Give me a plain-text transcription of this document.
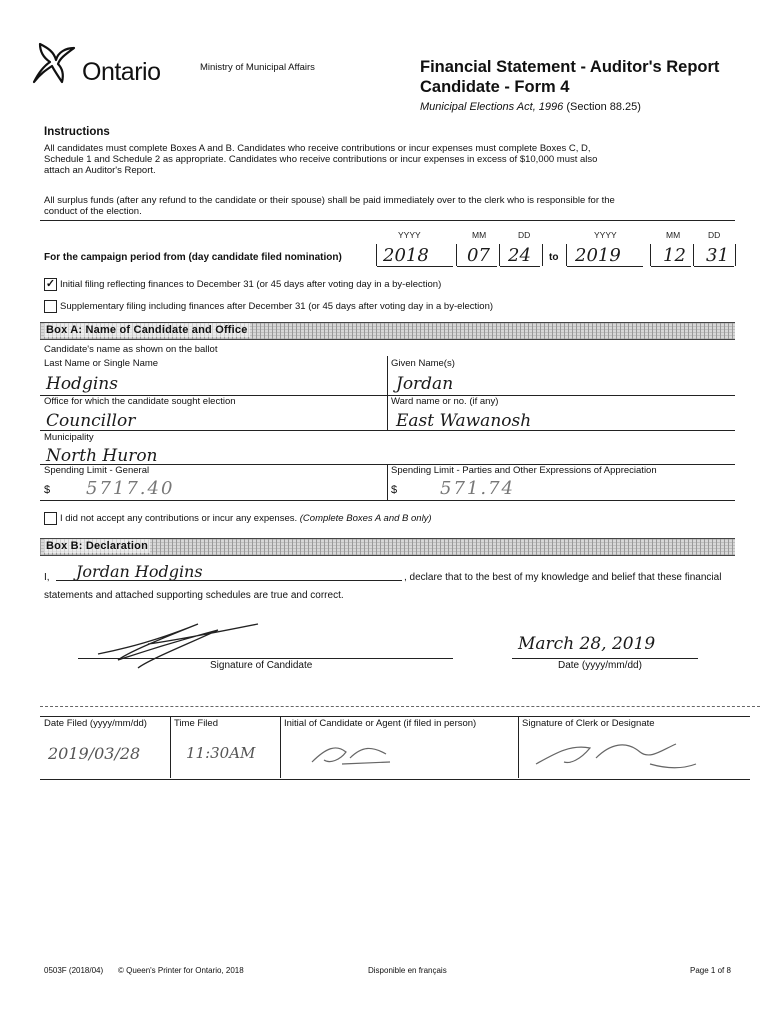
Ontario	Ministry of Municipal Affairs	Financial Statement - Auditor's Report
Candidate - Form 4
Municipal Elections Act, 1996 (Section 88.25)
Instructions
All candidates must complete Boxes A and B. Candidates who receive contributions or incur expenses must complete Boxes C, D,
Schedule 1 and Schedule 2 as appropriate. Candidates who receive contributions or incur expenses in excess of $10,000 must also
attach an Auditor's Report.
All surplus funds (after any refund to the candidate or their spouse) shall be paid immediately over to the clerk who is responsible for the
conduct of the election.
YYYY	MM	DD	YYYY	MM	DD
For the campaign period from (day candidate filed nomination) 2018 07 24 to 2019 12 31
✓ Initial filing reflecting finances to December 31 (or 45 days after voting day in a by-election)
Supplementary filing including finances after December 31 (or 45 days after voting day in a by-election)
Box A: Name of Candidate and Office
Candidate's name as shown on the ballot
Last Name or Single Name
Hodgins
Given Name(s)
Jordan
Office for which the candidate sought election
Councillor
Ward name or no. (if any)
East Wawanosh
Municipality
North Huron
Spending Limit - General
$ 5717.40
Spending Limit - Parties and Other Expressions of Appreciation
$ 571.74
I did not accept any contributions or incur any expenses. (Complete Boxes A and B only)
Box B: Declaration
I, Jordan Hodgins	, declare that to the best of my knowledge and belief that these financial
statements and attached supporting schedules are true and correct.
Signature of Candidate
March 28, 2019
Date (yyyy/mm/dd)
Date Filed (yyyy/mm/dd)
2019/03/28
Time Filed
11:30AM
Initial of Candidate or Agent (if filed in person)	Signature of Clerk or Designate
0503F (2018/04) © Queen's Printer for Ontario, 2018	Disponible en français	Page 1 of 8
